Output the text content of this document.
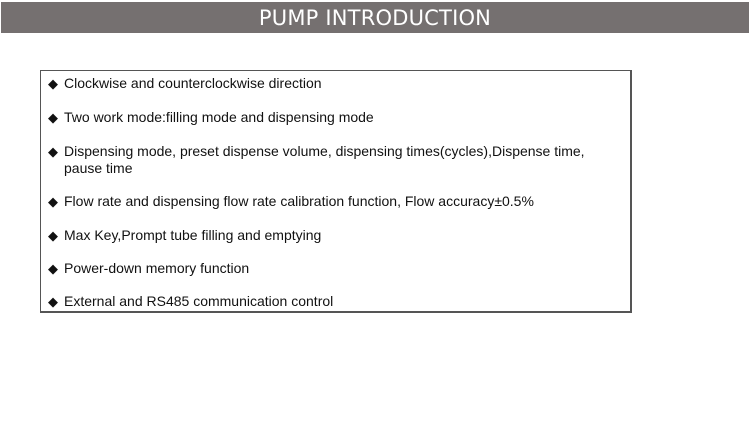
PUMP INTRODUCTION
◆ Clockwise and counterclockwise direction
◆ Two work mode:filling mode and dispensing mode
◆ Dispensing mode, preset dispense volume, dispensing times(cycles),Dispense time, pause time
◆ Flow rate and dispensing flow rate calibration function, Flow accuracy±0.5%
◆ Max Key,Prompt tube filling and emptying
◆ Power-down memory function
◆ External and RS485 communication control
